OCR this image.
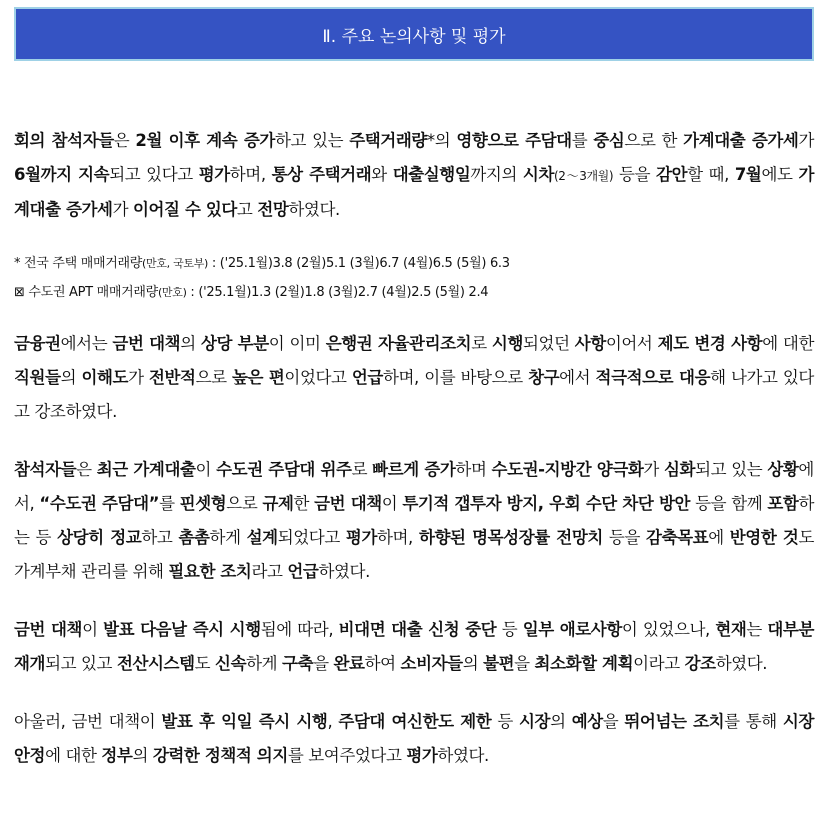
Ⅱ. 주요 논의사항 및 평가

회의 참석자들은 2월 이후 계속 증가하고 있는 주택거래량*의 영향으로 주담대를 중심으로 한 가계대출 증가세가 6월까지 지속되고 있다고 평가하며, 통상 주택거래와 대출실행일까지의 시차(2～3개월) 등을 감안할 때, 7월에도 가계대출 증가세가 이어질 수 있다고 전망하였다.

* 전국 주택 매매거래량(만호, 국토부) : ('25.1월)3.8 (2월)5.1 (3월)6.7 (4월)6.5 (5월) 6.3
⊠ 수도권 APT 매매거래량(만호) : ('25.1월)1.3 (2월)1.8 (3월)2.7 (4월)2.5 (5월) 2.4

금융권에서는 금번 대책의 상당 부분이 이미 은행권 자율관리조치로 시행되었던 사항이어서 제도 변경 사항에 대한 직원들의 이해도가 전반적으로 높은 편이었다고 언급하며, 이를 바탕으로 창구에서 적극적으로 대응해 나가고 있다고 강조하였다.

참석자들은 최근 가계대출이 수도권 주담대 위주로 빠르게 증가하며 수도권-지방간 양극화가 심화되고 있는 상황에서, “수도권 주담대”를 핀셋형으로 규제한 금번 대책이 투기적 갭투자 방지, 우회 수단 차단 방안 등을 함께 포함하는 등 상당히 정교하고 촘촘하게 설계되었다고 평가하며, 하향된 명목성장률 전망치 등을 감축목표에 반영한 것도 가계부채 관리를 위해 필요한 조치라고 언급하였다.

금번 대책이 발표 다음날 즉시 시행됨에 따라, 비대면 대출 신청 중단 등 일부 애로사항이 있었으나, 현재는 대부분 재개되고 있고 전산시스템도 신속하게 구축을 완료하여 소비자들의 불편을 최소화할 계획이라고 강조하였다.

아울러, 금번 대책이 발표 후 익일 즉시 시행, 주담대 여신한도 제한 등 시장의 예상을 뛰어넘는 조치를 통해 시장 안정에 대한 정부의 강력한 정책적 의지를 보여주었다고 평가하였다.
